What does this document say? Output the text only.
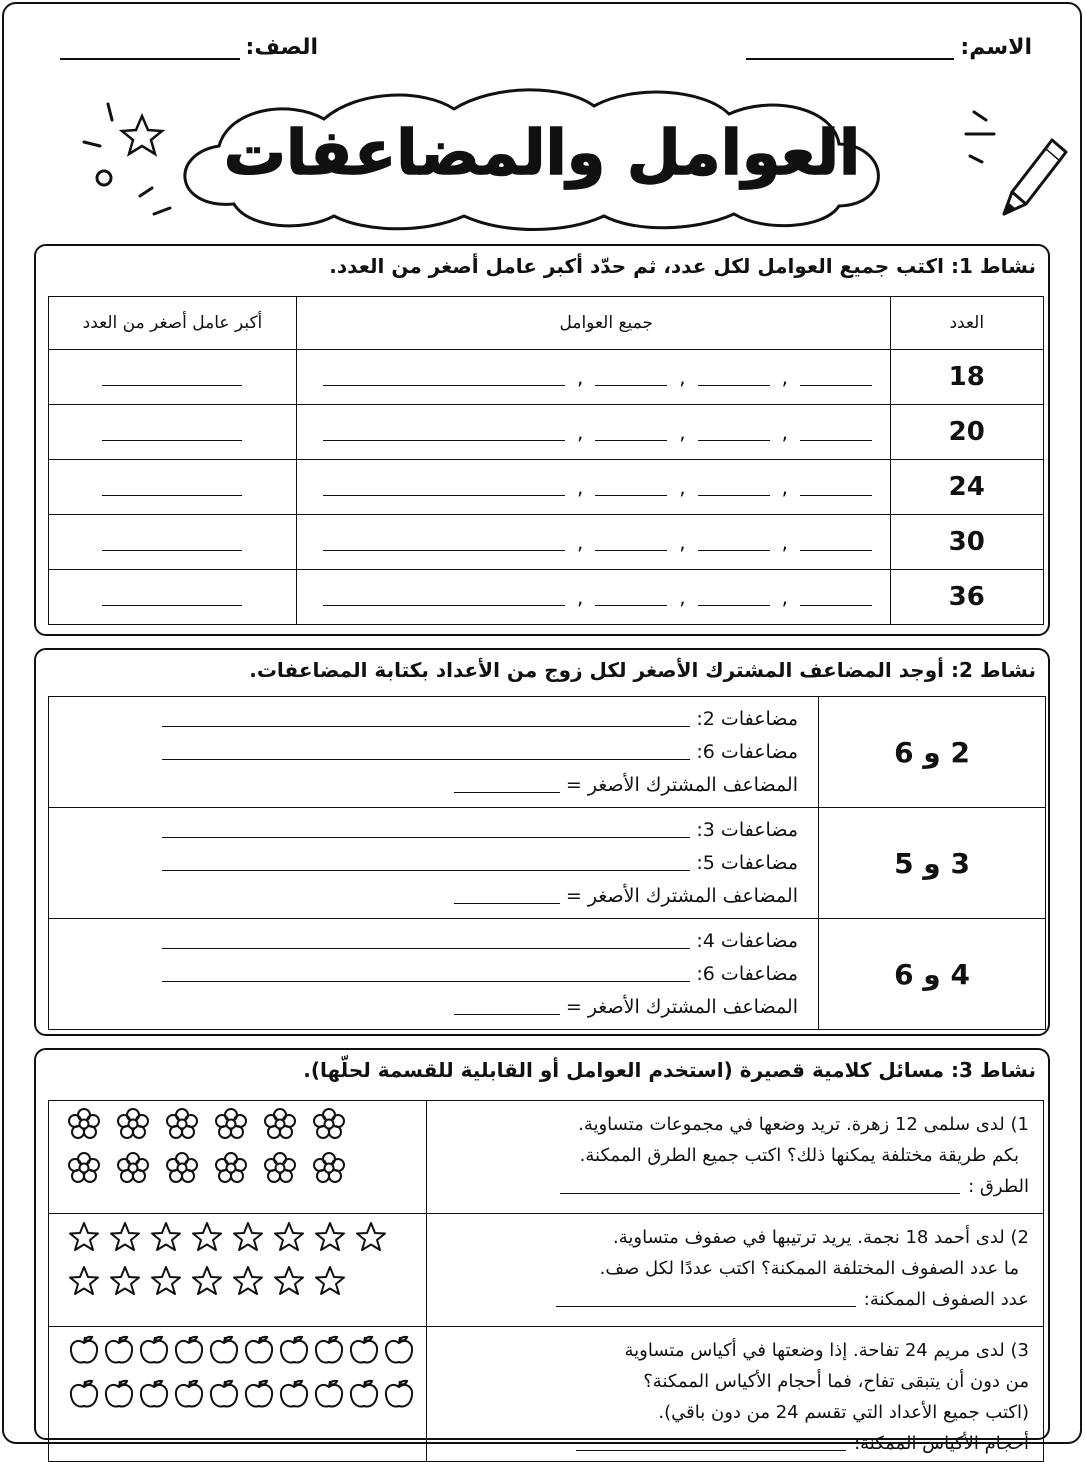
الاسم:
الصف:
العوامل والمضاعفات
نشاط 1: اكتب جميع العوامل لكل عدد، ثم حدّد أكبر عامل أصغر من العدد.
العدد	جميع العوامل	أكبر عامل أصغر من العدد
18	, , ,	
20	, , ,	
24	, , ,	
30	, , ,	
36	, , ,	
نشاط 2: أوجد المضاعف المشترك الأصغر لكل زوج من الأعداد بكتابة المضاعفات.
2 و 6	مضاعفات 2:
مضاعفات 6:
المضاعف المشترك الأصغر =

3 و 5	مضاعفات 3:
مضاعفات 5:
المضاعف المشترك الأصغر =

4 و 6	مضاعفات 4:
مضاعفات 6:
المضاعف المشترك الأصغر =
نشاط 3: مسائل كلامية قصيرة (استخدم العوامل أو القابلية للقسمة لحلّها).
1) لدى سلمى 12 زهرة. تريد وضعها في مجموعات متساوية.
بكم طريقة مختلفة يمكنها ذلك؟ اكتب جميع الطرق الممكنة.
الطرق :

2) لدى أحمد 18 نجمة. يريد ترتيبها في صفوف متساوية.
ما عدد الصفوف المختلفة الممكنة؟ اكتب عددًا لكل صف.
عدد الصفوف الممكنة:

3) لدى مريم 24 تفاحة. إذا وضعتها في أكياس متساوية
من دون أن يتبقى تفاح، فما أحجام الأكياس الممكنة؟
(اكتب جميع الأعداد التي تقسم 24 من دون باقي).
أحجام الأكياس الممكنة:
